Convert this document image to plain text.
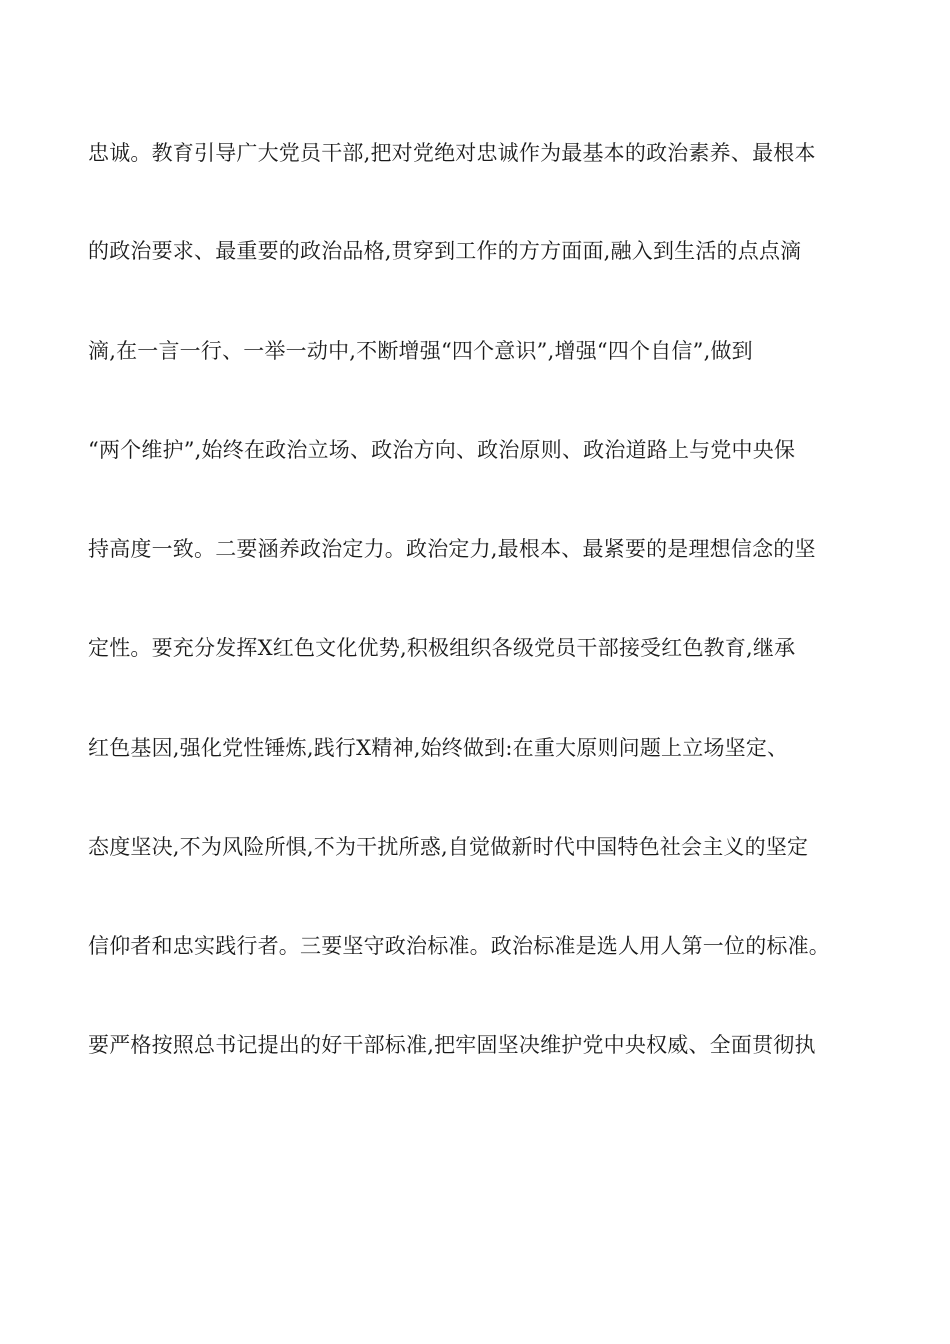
忠诚。教育引导广大党员干部,把对党绝对忠诚作为最基本的政治素养、最根本
的政治要求、最重要的政治品格,贯穿到工作的方方面面,融入到生活的点点滴
滴,在一言一行、一举一动中,不断增强“四个意识”,增强“四个自信”,做到
“两个维护”,始终在政治立场、政治方向、政治原则、政治道路上与党中央保
持高度一致。二要涵养政治定力。政治定力,最根本、最紧要的是理想信念的坚
定性。要充分发挥X红色文化优势,积极组织各级党员干部接受红色教育,继承
红色基因,强化党性锤炼,践行X精神,始终做到:在重大原则问题上立场坚定、
态度坚决,不为风险所惧,不为干扰所惑,自觉做新时代中国特色社会主义的坚定
信仰者和忠实践行者。三要坚守政治标准。政治标准是选人用人第一位的标准。
要严格按照总书记提出的好干部标准,把牢固坚决维护党中央权威、全面贯彻执
